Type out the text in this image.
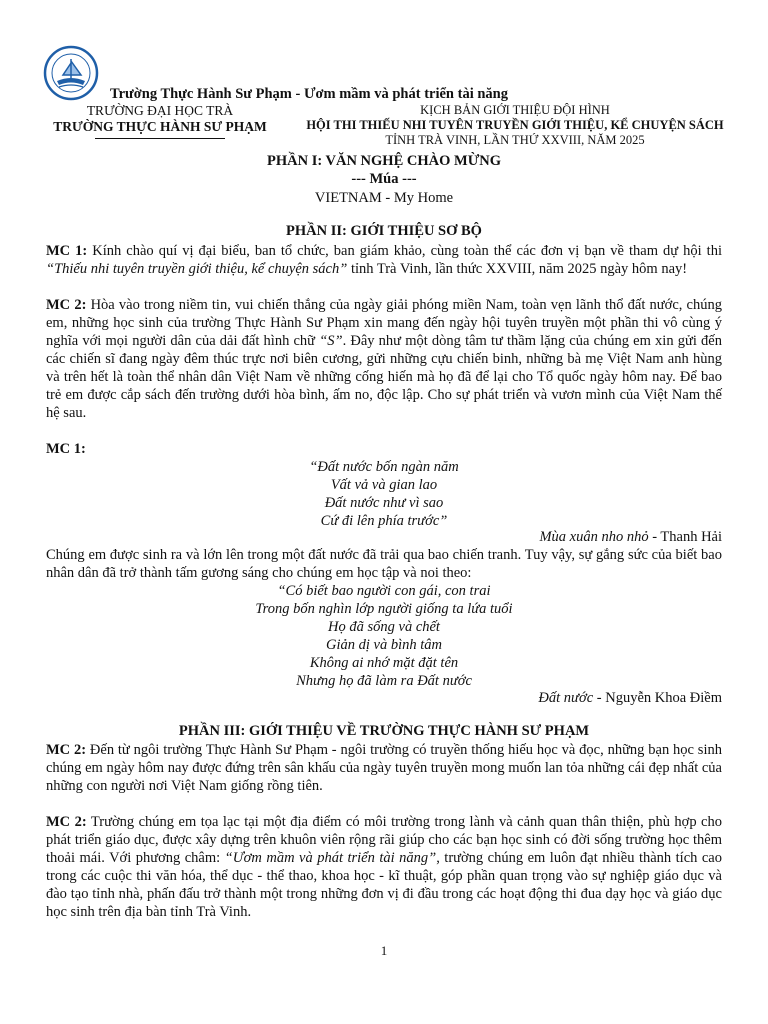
Trường Thực Hành Sư Phạm - Ươm mầm và phát triển tài năng
TRƯỜNG ĐẠI HỌC TRÀ
TRƯỜNG THỰC HÀNH SƯ PHẠM
KỊCH BẢN GIỚI THIỆU ĐỘI HÌNH
HỘI THI THIẾU NHI TUYÊN TRUYỀN GIỚI THIỆU, KỂ CHUYỆN SÁCH
TỈNH TRÀ VINH, LẦN THỨ XXVIII, NĂM 2025
PHẦN I: VĂN NGHỆ CHÀO MỪNG
--- Múa ---
VIETNAM - My Home
PHẦN II: GIỚI THIỆU SƠ BỘ
MC 1: Kính chào quí vị đại biểu, ban tổ chức, ban giám khảo, cùng toàn thể các đơn vị bạn về tham dự hội thi “Thiếu nhi tuyên truyền giới thiệu, kể chuyện sách” tỉnh Trà Vinh, lần thức XXVIII, năm 2025 ngày hôm nay!
MC 2: Hòa vào trong niềm tin, vui chiến thắng của ngày giải phóng miền Nam, toàn vẹn lãnh thổ đất nước, chúng em, những học sinh của trường Thực Hành Sư Phạm xin mang đến ngày hội tuyên truyền một phần thi vô cùng ý nghĩa với mọi người dân của dải đất hình chữ “S”. Đây như một dòng tâm tư thầm lặng của chúng em xin gửi đến các chiến sĩ đang ngày đêm thúc trực nơi biên cương, gửi những cựu chiến binh, những bà mẹ Việt Nam anh hùng và trên hết là toàn thể nhân dân Việt Nam về những cống hiến mà họ đã để lại cho Tổ quốc ngày hôm nay. Để bao trẻ em được cắp sách đến trường dưới hòa bình, ấm no, độc lập. Cho sự phát triển và vươn mình của Việt Nam thế hệ sau.
MC 1:
“Đất nước bốn ngàn năm
Vất vả và gian lao
Đất nước như vì sao
Cứ đi lên phía trước”
Mùa xuân nho nhỏ - Thanh Hải
Chúng em được sinh ra và lớn lên trong một đất nước đã trải qua bao chiến tranh. Tuy vậy, sự gắng sức của biết bao nhân dân đã trở thành tấm gương sáng cho chúng em học tập và noi theo:
“Có biết bao người con gái, con trai
Trong bốn nghìn lớp người giống ta lứa tuổi
Họ đã sống và chết
Giản dị và bình tâm
Không ai nhớ mặt đặt tên
Nhưng họ đã làm ra Đất nước
Đất nước - Nguyễn Khoa Điềm
PHẦN III: GIỚI THIỆU VỀ TRƯỜNG THỰC HÀNH SƯ PHẠM
MC 2: Đến từ ngôi trường Thực Hành Sư Phạm - ngôi trường có truyền thống hiếu học và đọc, những bạn học sinh chúng em ngày hôm nay được đứng trên sân khấu của ngày tuyên truyền mong muốn lan tỏa những cái đẹp nhất của những con người nơi Việt Nam giống rồng tiên.
MC 2: Trường chúng em tọa lạc tại một địa điểm có môi trường trong lành và cảnh quan thân thiện, phù hợp cho phát triển giáo dục, được xây dựng trên khuôn viên rộng rãi giúp cho các bạn học sinh có đời sống trường học thêm thoải mái. Với phương châm: “Ươm mầm và phát triển tài năng”, trường chúng em luôn đạt nhiều thành tích cao trong các cuộc thi văn hóa, thể dục - thể thao, khoa học - kĩ thuật, góp phần quan trọng vào sự nghiệp giáo dục và đào tạo tỉnh nhà, phấn đấu trở thành một trong những đơn vị đi đầu trong các hoạt động thi đua dạy học và giáo dục học sinh trên địa bàn tỉnh Trà Vinh.
1
